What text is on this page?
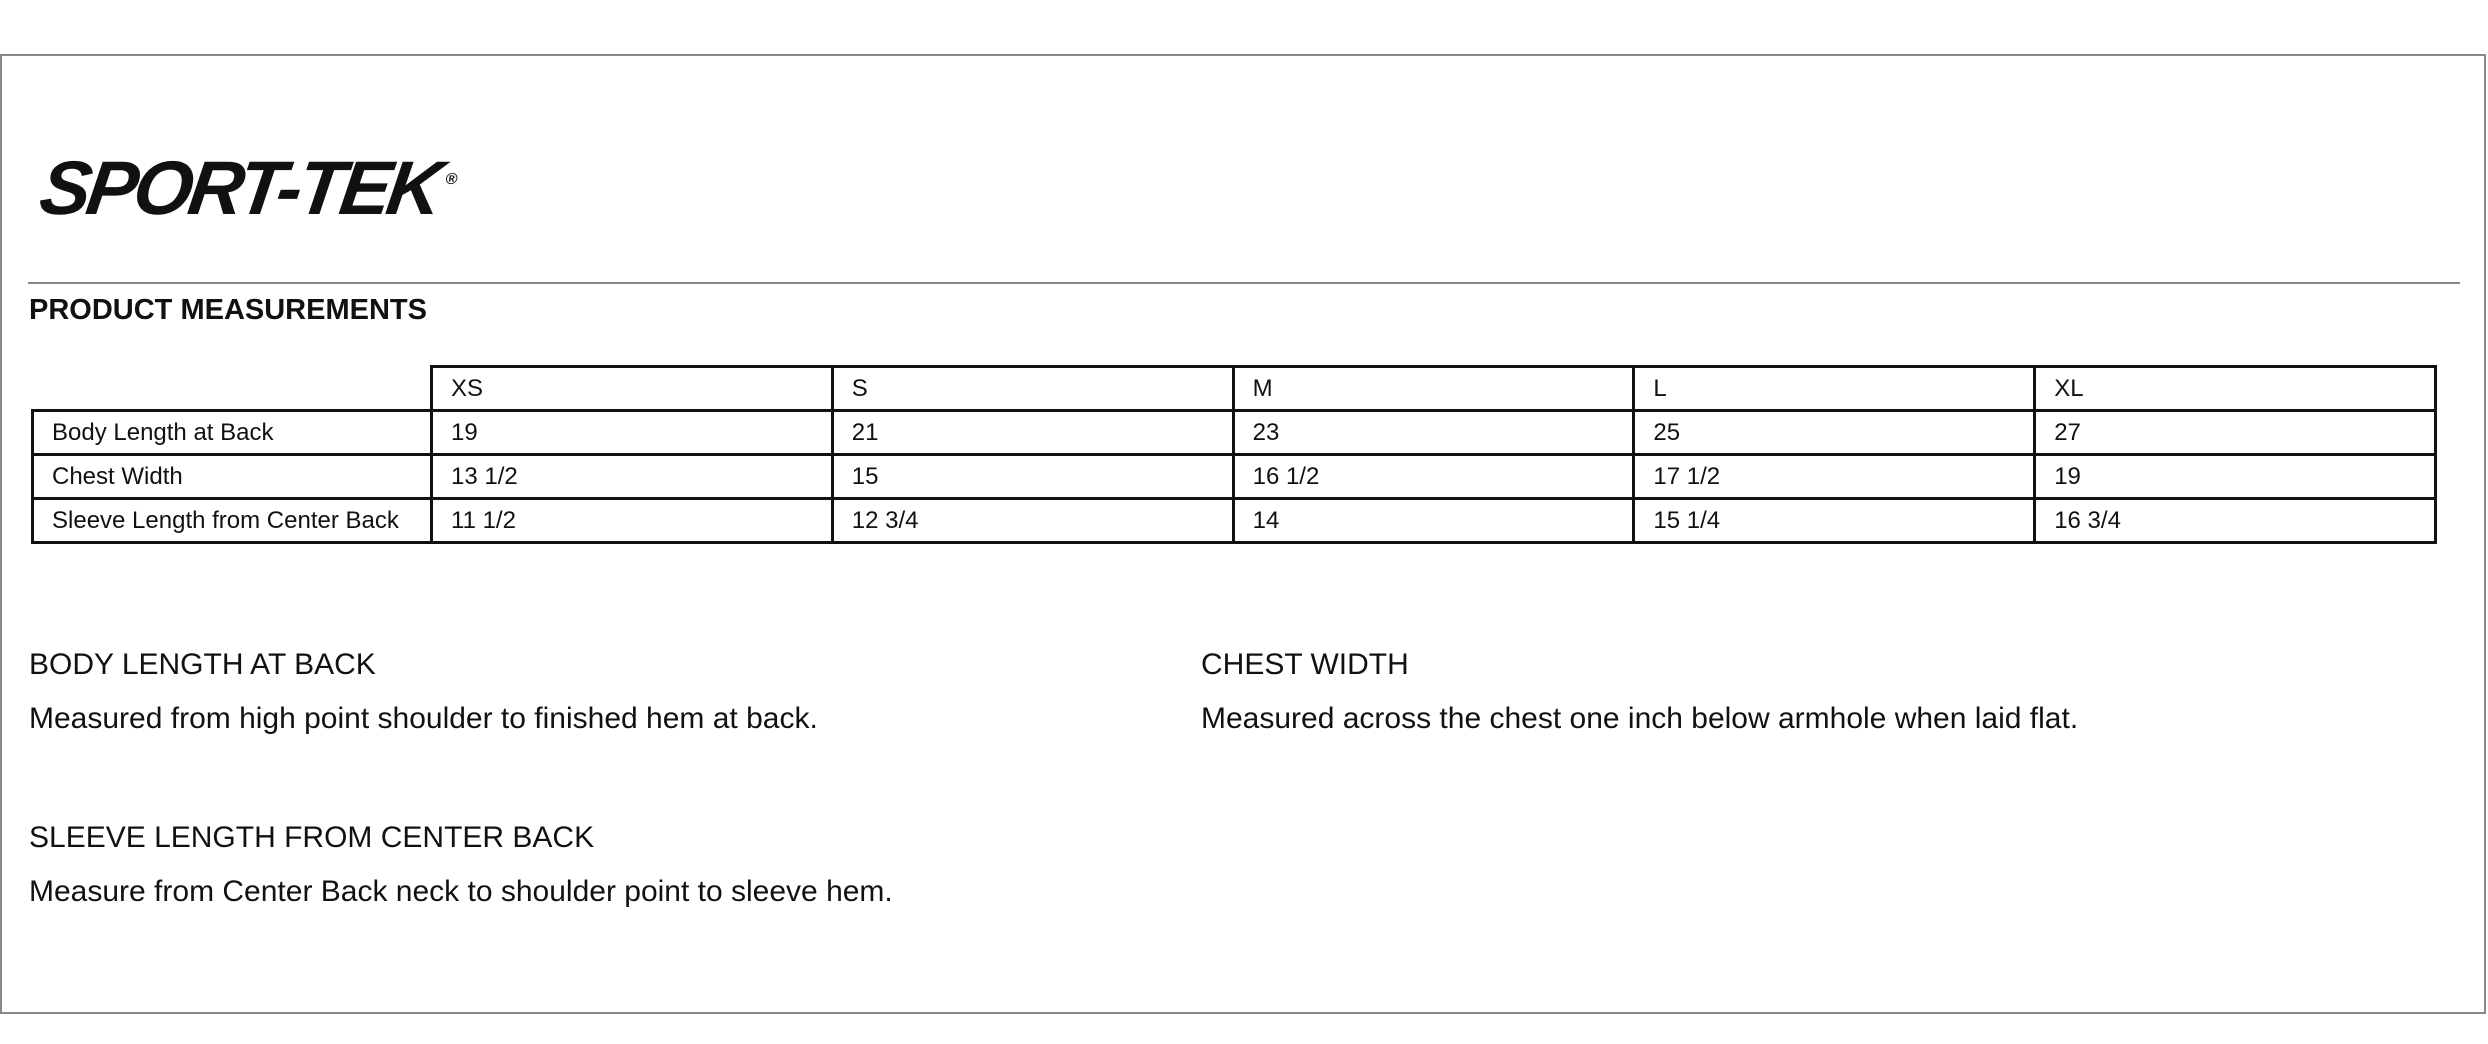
SPORT-TEK®
PRODUCT MEASUREMENTS
	XS	S	M	L	XL
Body Length at Back	19	21	23	25	27
Chest Width	13 1/2	15	16 1/2	17 1/2	19
Sleeve Length from Center Back	11 1/2	12 3/4	14	15 1/4	16 3/4
BODY LENGTH AT BACK
Measured from high point shoulder to finished hem at back.
CHEST WIDTH
Measured across the chest one inch below armhole when laid flat.
SLEEVE LENGTH FROM CENTER BACK
Measure from Center Back neck to shoulder point to sleeve hem.
